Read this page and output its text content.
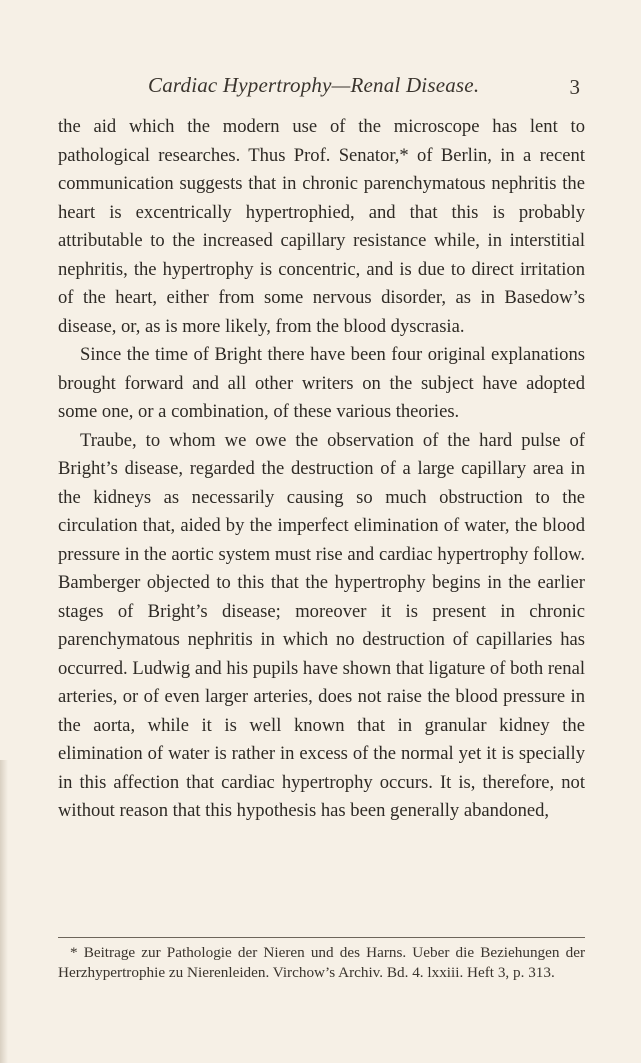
Cardiac Hypertrophy—Renal Disease.	3

the aid which the modern use of the microscope has lent to pathological researches. Thus Prof. Senator,* of Berlin, in a recent communication suggests that in chronic parenchymatous nephritis the heart is excentrically hypertrophied, and that this is probably attributable to the increased capillary resistance while, in interstitial nephritis, the hypertrophy is concentric, and is due to direct irritation of the heart, either from some nervous disorder, as in Basedow’s disease, or, as is more likely, from the blood dyscrasia.

Since the time of Bright there have been four original explanations brought forward and all other writers on the subject have adopted some one, or a combination, of these various theories.

Traube, to whom we owe the observation of the hard pulse of Bright’s disease, regarded the destruction of a large capillary area in the kidneys as necessarily causing so much obstruction to the circulation that, aided by the imperfect elimination of water, the blood pressure in the aortic system must rise and cardiac hypertrophy follow. Bamberger objected to this that the hypertrophy begins in the earlier stages of Bright’s disease; moreover it is present in chronic parenchymatous nephritis in which no destruction of capillaries has occurred. Ludwig and his pupils have shown that ligature of both renal arteries, or of even larger arteries, does not raise the blood pressure in the aorta, while it is well known that in granular kidney the elimination of water is rather in excess of the normal yet it is specially in this affection that cardiac hypertrophy occurs. It is, therefore, not without reason that this hypothesis has been generally abandoned,

* Beitrage zur Pathologie der Nieren und des Harns. Ueber die Beziehungen der Herzhypertrophie zu Nierenleiden. Virchow’s Archiv. Bd. 4. lxxiii. Heft 3, p. 313.
